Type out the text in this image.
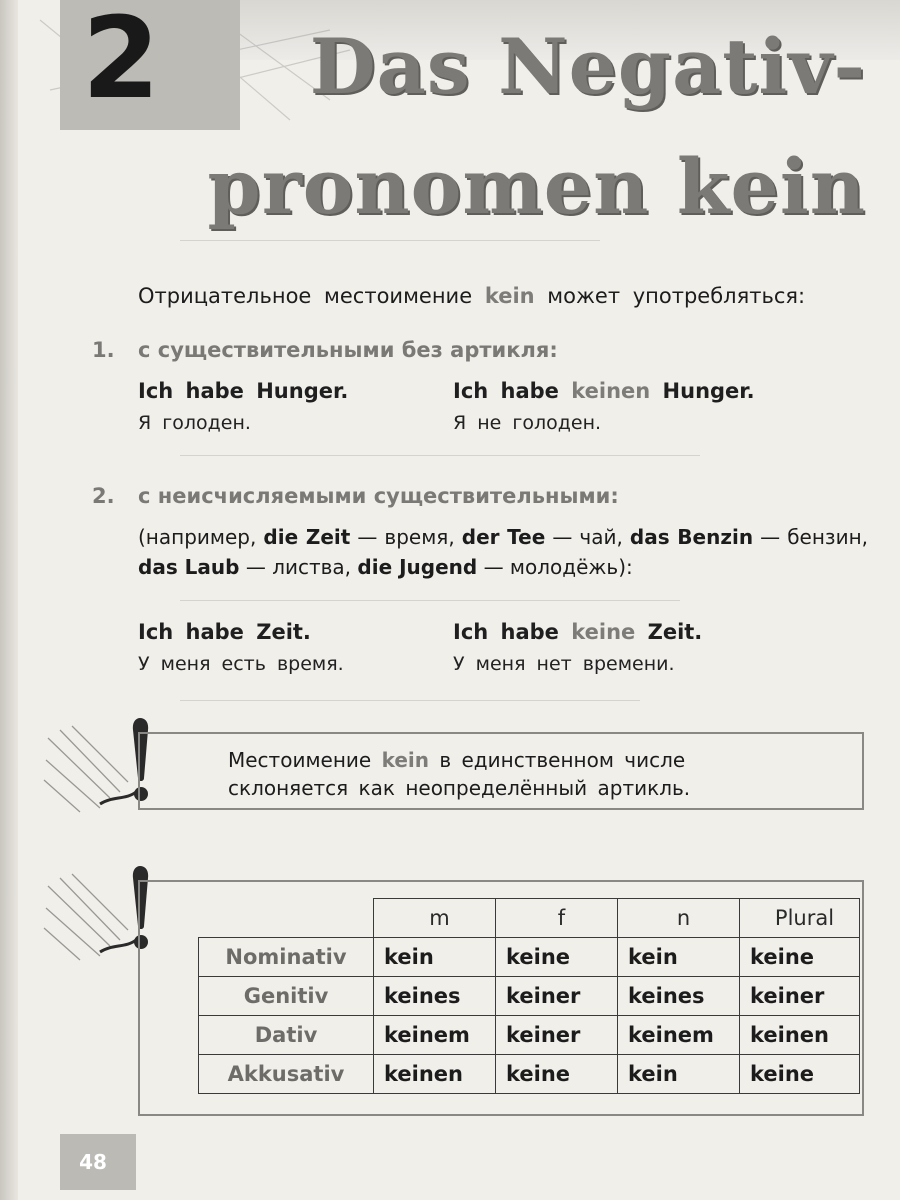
2	Das Negativ-
pronomen kein
Отрицательное местоимение kein может употребляться:
1. с существительными без артикля:
Ich habe Hunger.
Я голоден.
Ich habe keinen Hunger.
Я не голоден.
2. с неисчисляемыми существительными:
(например, die Zeit — время, der Tee — чай, das Benzin — бензин, das Laub — листва, die Jugend — молодёжь):
Ich habe Zeit.
У меня есть время.
Ich habe keine Zeit.
У меня нет времени.
Местоимение kein в единственном числе
склоняется как неопределённый артикль.
	m	f	n	Plural
Nominativ	kein	keine	kein	keine
Genitiv	keines	keiner	keines	keiner
Dativ	keinem	keiner	keinem	keinen
Akkusativ	keinen	keine	kein	keine
48
